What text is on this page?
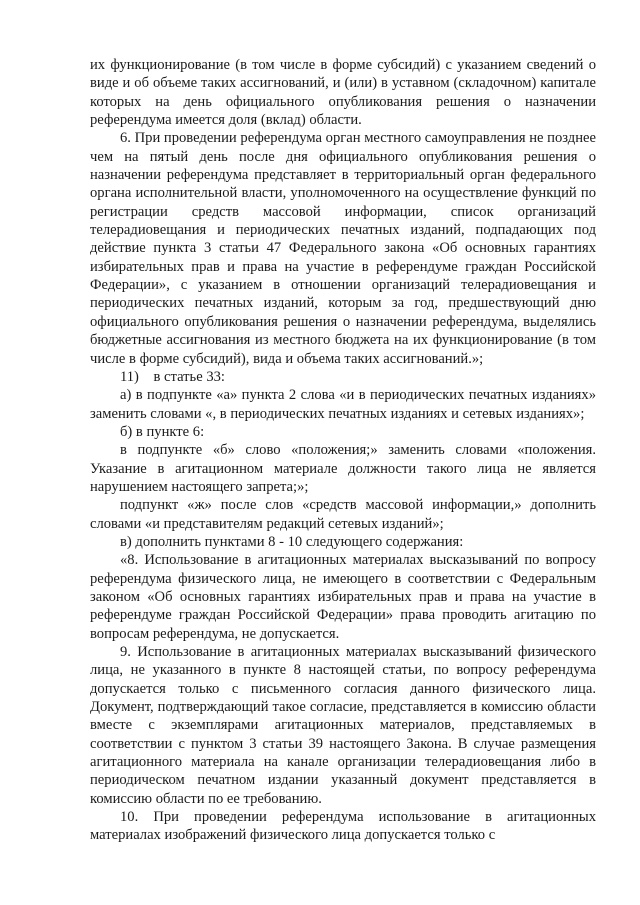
их функционирование (в том числе в форме субсидий) с указанием сведений о виде и об объеме таких ассигнований, и (или) в уставном (складочном) капитале которых на день официального опубликования решения о назначении референдума имеется доля (вклад) области.

6. При проведении референдума орган местного самоуправления не позднее чем на пятый день после дня официального опубликования решения о назначении референдума представляет в территориальный орган федерального органа исполнительной власти, уполномоченного на осуществление функций по регистрации средств массовой информации, список организаций телерадиовещания и периодических печатных изданий, подпадающих под действие пункта 3 статьи 47 Федерального закона «Об основных гарантиях избирательных прав и права на участие в референдуме граждан Российской Федерации», с указанием в отношении организаций телерадиовещания и периодических печатных изданий, которым за год, предшествующий дню официального опубликования решения о назначении референдума, выделялись бюджетные ассигнования из местного бюджета на их функционирование (в том числе в форме субсидий), вида и объема таких ассигнований.»;

11)    в статье 33:

а) в подпункте «а» пункта 2 слова «и в периодических печатных изданиях» заменить словами «, в периодических печатных изданиях и сетевых изданиях»;

б) в пункте 6:

в подпункте «б» слово «положения;» заменить словами «положения. Указание в агитационном материале должности такого лица не является нарушением настоящего запрета;»;

подпункт «ж» после слов «средств массовой информации,» дополнить словами «и представителям редакций сетевых изданий»;

в) дополнить пунктами 8 - 10 следующего содержания:

«8. Использование в агитационных материалах высказываний по вопросу референдума физического лица, не имеющего в соответствии с Федеральным законом «Об основных гарантиях избирательных прав и права на участие в референдуме граждан Российской Федерации» права проводить агитацию по вопросам референдума, не допускается.

9. Использование в агитационных материалах высказываний физического лица, не указанного в пункте 8 настоящей статьи, по вопросу референдума допускается только с письменного согласия данного физического лица. Документ, подтверждающий такое согласие, представляется в комиссию области вместе с экземплярами агитационных материалов, представляемых в соответствии с пунктом 3 статьи 39 настоящего Закона. В случае размещения агитационного материала на канале организации телерадиовещания либо в периодическом печатном издании указанный документ представляется в комиссию области по ее требованию.

10. При проведении референдума использование в агитационных материалах изображений физического лица допускается только с
